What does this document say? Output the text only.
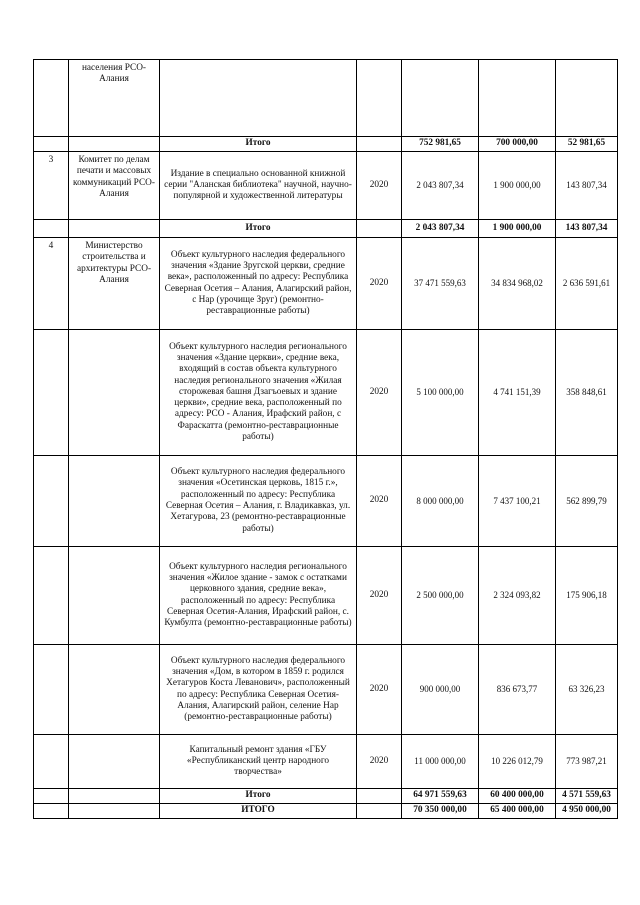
	населения РСО-Алания					
		Итого		752 981,65	700 000,00	52 981,65
3	Комитет по делам печати и массовых коммуникаций РСО-Алания	Издание в специально основанной книжной серии "Аланская библиотека" научной, научно-популярной и художественной литературы	2020	2 043 807,34	1 900 000,00	143 807,34
		Итого		2 043 807,34	1 900 000,00	143 807,34
4	Министерство строительства и архитектуры РСО-Алания	Объект культурного наследия федерального значения «Здание Зругской церкви, средние века», расположенный по адресу: Республика Северная Осетия – Алания, Алагирский район, с Нар (урочище Зруг) (ремонтно-реставрационные работы)	2020	37 471 559,63	34 834 968,02	2 636 591,61
		Объект культурного наследия регионального значения «Здание церкви», средние века, входящий в состав объекта культурного наследия регионального значения «Жилая сторожевая башня Дзагъоевых и здание церкви», средние века, расположенный по адресу: РСО - Алания, Ирафский район, с Фараскатта (ремонтно-реставрационные работы)	2020	5 100 000,00	4 741 151,39	358 848,61
		Объект культурного наследия федерального значения «Осетинская церковь, 1815 г.», расположенный по адресу: Республика Северная Осетия – Алания, г. Владикавказ, ул. Хетагурова, 23 (ремонтно-реставрационные работы)	2020	8 000 000,00	7 437 100,21	562 899,79
		Объект культурного наследия регионального значения «Жилое здание - замок с остатками церковного здания, средние века», расположенный по адресу: Республика Северная Осетия-Алания, Ирафский район, с. Кумбулта (ремонтно-реставрационные работы)	2020	2 500 000,00	2 324 093,82	175 906,18
		Объект культурного наследия федерального значения «Дом, в котором в 1859 г. родился Хетагуров Коста Леванович», расположенный по адресу: Республика Северная Осетия-Алания, Алагирский район, селение Нар (ремонтно-реставрационные работы)	2020	900 000,00	836 673,77	63 326,23
		Капитальный ремонт здания «ГБУ «Республиканский центр народного творчества»	2020	11 000 000,00	10 226 012,79	773 987,21
		Итого		64 971 559,63	60 400 000,00	4 571 559,63
		ИТОГО		70 350 000,00	65 400 000,00	4 950 000,00
